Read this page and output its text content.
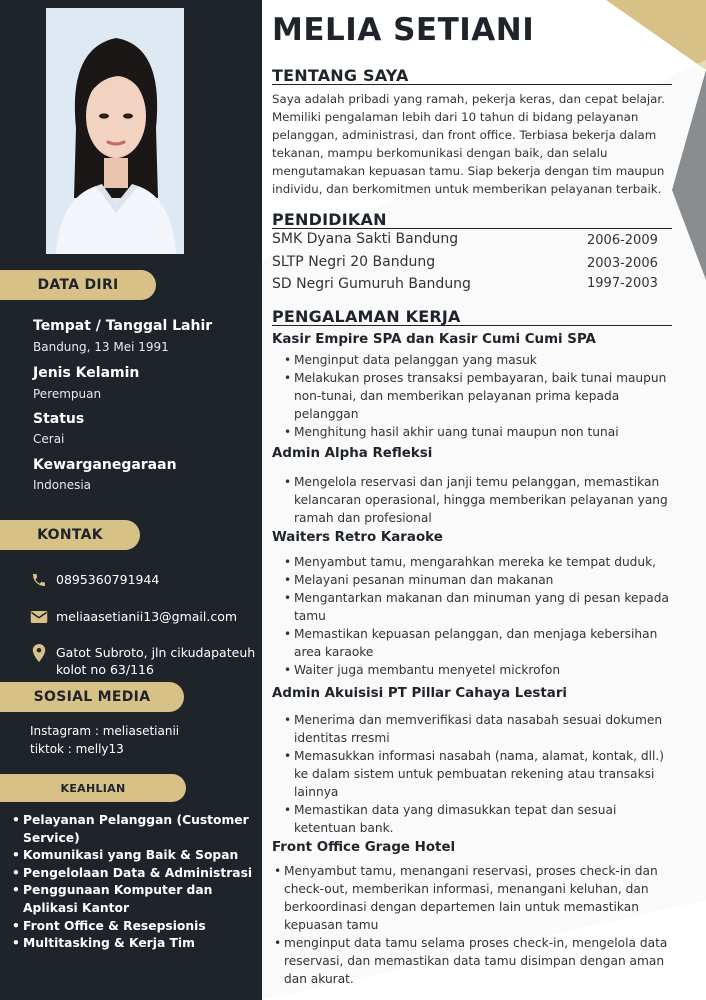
DATA DIRI
Tempat / Tanggal Lahir
Bandung, 13 Mei 1991
Jenis Kelamin
Perempuan
Status
Cerai
Kewarganegaraan
Indonesia
KONTAK
0895360791944
meliaasetianii13@gmail.com
Gatot Subroto, jln cikudapateuh
kolot no 63/116
SOSIAL MEDIA
Instagram : meliasetianii
tiktok : melly13
KEAHLIAN
• Pelayanan Pelanggan (Customer Service)
• Komunikasi yang Baik & Sopan
• Pengelolaan Data & Administrasi
• Penggunaan Komputer dan Aplikasi Kantor
• Front Office & Resepsionis
• Multitasking & Kerja Tim
MELIA SETIANI
TENTANG SAYA
Saya adalah pribadi yang ramah, pekerja keras, dan cepat belajar. Memiliki pengalaman lebih dari 10 tahun di bidang pelayanan pelanggan, administrasi, dan front office. Terbiasa bekerja dalam tekanan, mampu berkomunikasi dengan baik, dan selalu mengutamakan kepuasan tamu. Siap bekerja dengan tim maupun individu, dan berkomitmen untuk memberikan pelayanan terbaik.
PENDIDIKAN
SMK Dyana Sakti Bandung	2006-2009
SLTP Negri 20 Bandung	2003-2006
SD Negri Gumuruh Bandung	1997-2003
PENGALAMAN KERJA
Kasir Empire SPA dan Kasir Cumi Cumi SPA
• Menginput data pelanggan yang masuk
• Melakukan proses transaksi pembayaran, baik tunai maupun non-tunai, dan memberikan pelayanan prima kepada pelanggan
• Menghitung hasil akhir uang tunai maupun non tunai
Admin Alpha Refleksi
• Mengelola reservasi dan janji temu pelanggan, memastikan kelancaran operasional, hingga memberikan pelayanan yang ramah dan profesional
Waiters Retro Karaoke
• Menyambut tamu, mengarahkan mereka ke tempat duduk,
• Melayani pesanan minuman dan makanan
• Mengantarkan makanan dan minuman yang di pesan kepada tamu
• Memastikan kepuasan pelanggan, dan menjaga kebersihan area karaoke
• Waiter juga membantu menyetel mickrofon
Admin Akuisisi PT Pillar Cahaya Lestari
• Menerima dan memverifikasi data nasabah sesuai dokumen identitas rresmi
• Memasukkan informasi nasabah (nama, alamat, kontak, dll.) ke dalam sistem untuk pembuatan rekening atau transaksi lainnya
• Memastikan data yang dimasukkan tepat dan sesuai ketentuan bank.
Front Office Grage Hotel
• Menyambut tamu, menangani reservasi, proses check-in dan check-out, memberikan informasi, menangani keluhan, dan berkoordinasi dengan departemen lain untuk memastikan kepuasan tamu
• menginput data tamu selama proses check-in, mengelola data reservasi, dan memastikan data tamu disimpan dengan aman dan akurat.
